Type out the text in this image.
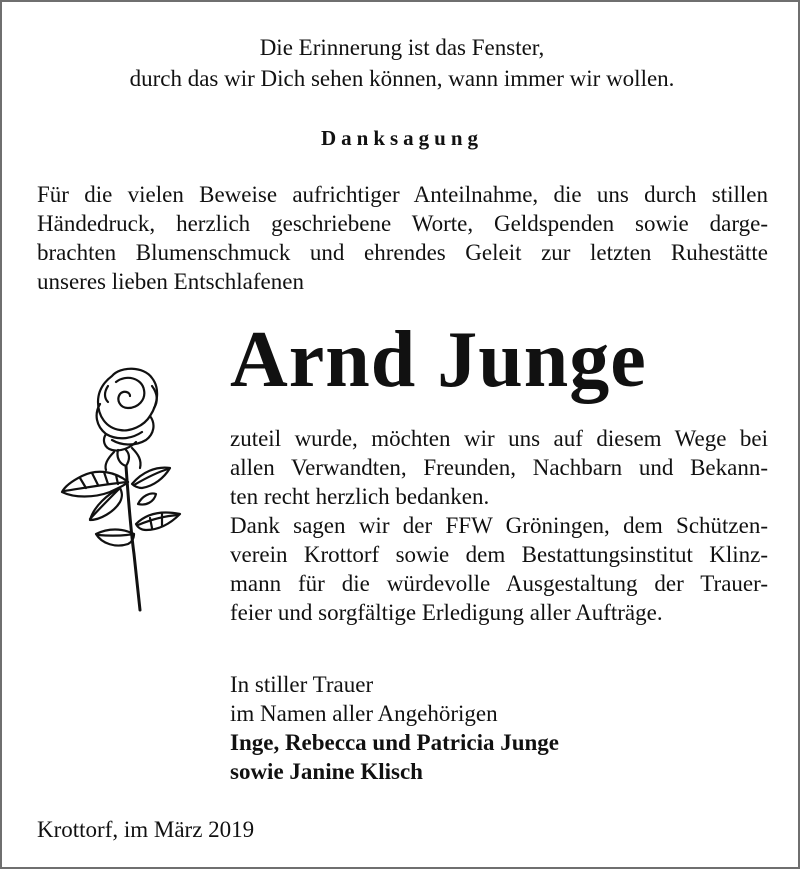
Die Erinnerung ist das Fenster,
durch das wir Dich sehen können, wann immer wir wollen.
Danksagung
Für die vielen Beweise aufrichtiger Anteilnahme, die uns durch stillen
Händedruck, herzlich geschriebene Worte, Geldspenden sowie darge-
brachten Blumenschmuck und ehrendes Geleit zur letzten Ruhestätte
unseres lieben Entschlafenen
Arnd Junge
zuteil wurde, möchten wir uns auf diesem Wege bei
allen Verwandten, Freunden, Nachbarn und Bekann-
ten recht herzlich bedanken.
Dank sagen wir der FFW Gröningen, dem Schützen-
verein Krottorf sowie dem Bestattungsinstitut Klinz-
mann für die würdevolle Ausgestaltung der Trauer-
feier und sorgfältige Erledigung aller Aufträge.
In stiller Trauer
im Namen aller Angehörigen
Inge, Rebecca und Patricia Junge
sowie Janine Klisch
Krottorf, im März 2019
